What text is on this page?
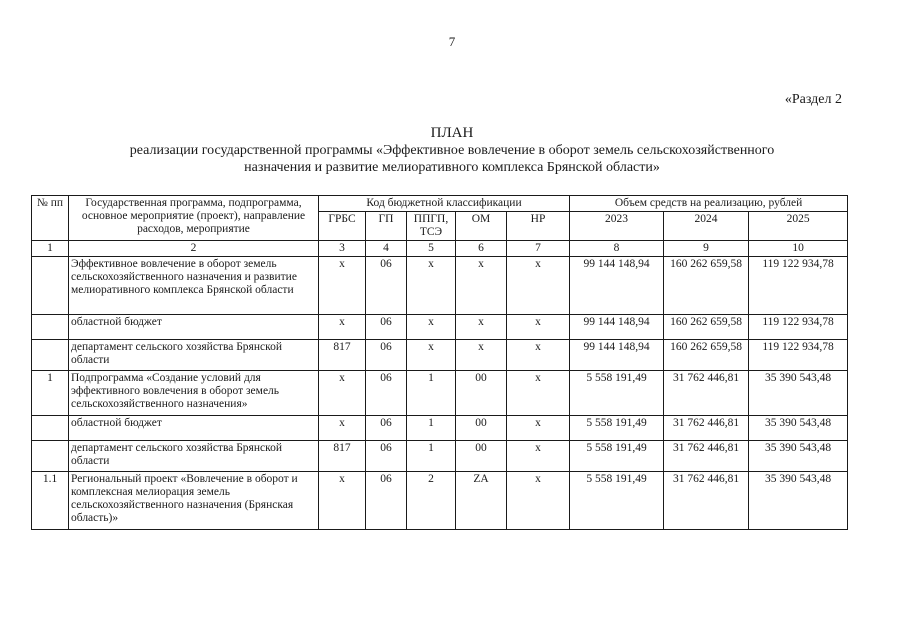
7
«Раздел 2

ПЛАН

реализации государственной программы «Эффективное вовлечение в оборот земель сельскохозяйственного

назначения и развитие мелиоративного комплекса Брянской области»

№ пп	Государственная программа, подпрограмма, основное мероприятие (проект), направление расходов, мероприятие	Код бюджетной классификации					Объем средств на реализацию, рублей		
		ГРБС	ГП	ППГП, ТСЭ	ОМ	НР	2023	2024	2025
1	2	3	4	5	6	7	8	9	10
	Эффективное вовлечение в оборот земель сельскохозяйственного назначения и развитие мелиоративного комплекса Брянской области	х	06	х	х	х	99 144 148,94	160 262 659,58	119 122 934,78
	областной бюджет	х	06	х	х	х	99 144 148,94	160 262 659,58	119 122 934,78
	департамент сельского хозяйства Брянской области	817	06	х	х	х	99 144 148,94	160 262 659,58	119 122 934,78
1	Подпрограмма «Создание условий для эффективного вовлечения в оборот земель сельскохозяйственного назначения»	х	06	1	00	х	5 558 191,49	31 762 446,81	35 390 543,48
	областной бюджет	х	06	1	00	х	5 558 191,49	31 762 446,81	35 390 543,48
	департамент сельского хозяйства Брянской области	817	06	1	00	х	5 558 191,49	31 762 446,81	35 390 543,48
1.1	Региональный проект «Вовлечение в оборот и комплексная мелиорация земель сельскохозяйственного назначения (Брянская область)»	х	06	2	ZA	х	5 558 191,49	31 762 446,81	35 390 543,48
